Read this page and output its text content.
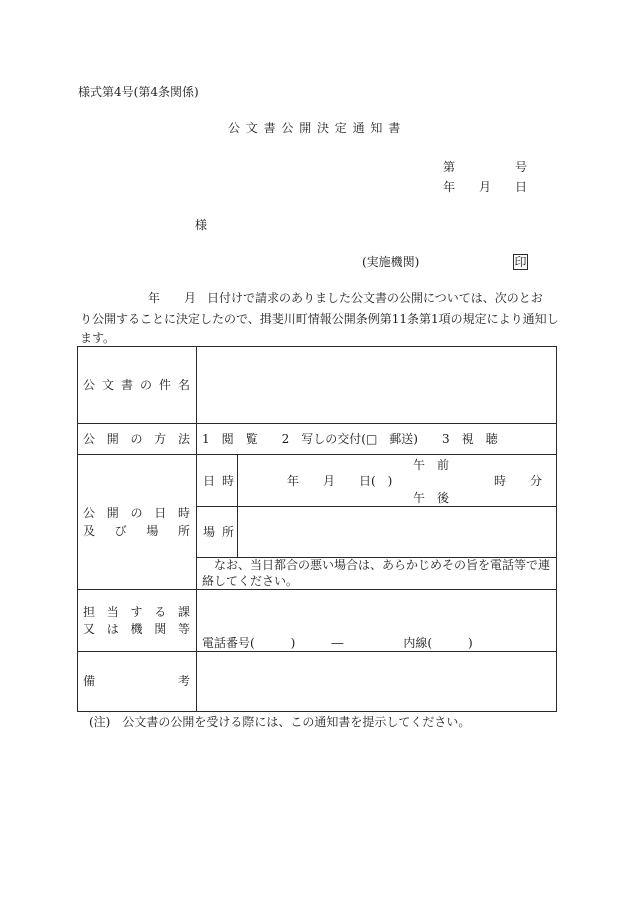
様式第4号(第4条関係)
公文書公開決定通知書
第　　　　　号
年　　月　　日
様
(実施機関)	印
年 月 日付けで請求のありました公文書の公開については、次のとお
り公開することに決定したので、揖斐川町情報公開条例第11条第1項の規定により通知し
ます。
公文書の件名
公開の方法 1　閲　覧　　2　写しの交付(□　郵送)　　3　視　聴
公開の日時
及び場所
日時
午　前
年　　月　　日(　)	時　　分
午　後
場所
　なお、当日都合の悪い場合は、あらかじめその旨を電話等で連
絡してください。
担当する課
又は機関等
電話番号(　　　)　　　―　　　　　内線(　　　)
備考
(注)　公文書の公開を受ける際には、この通知書を提示してください。
